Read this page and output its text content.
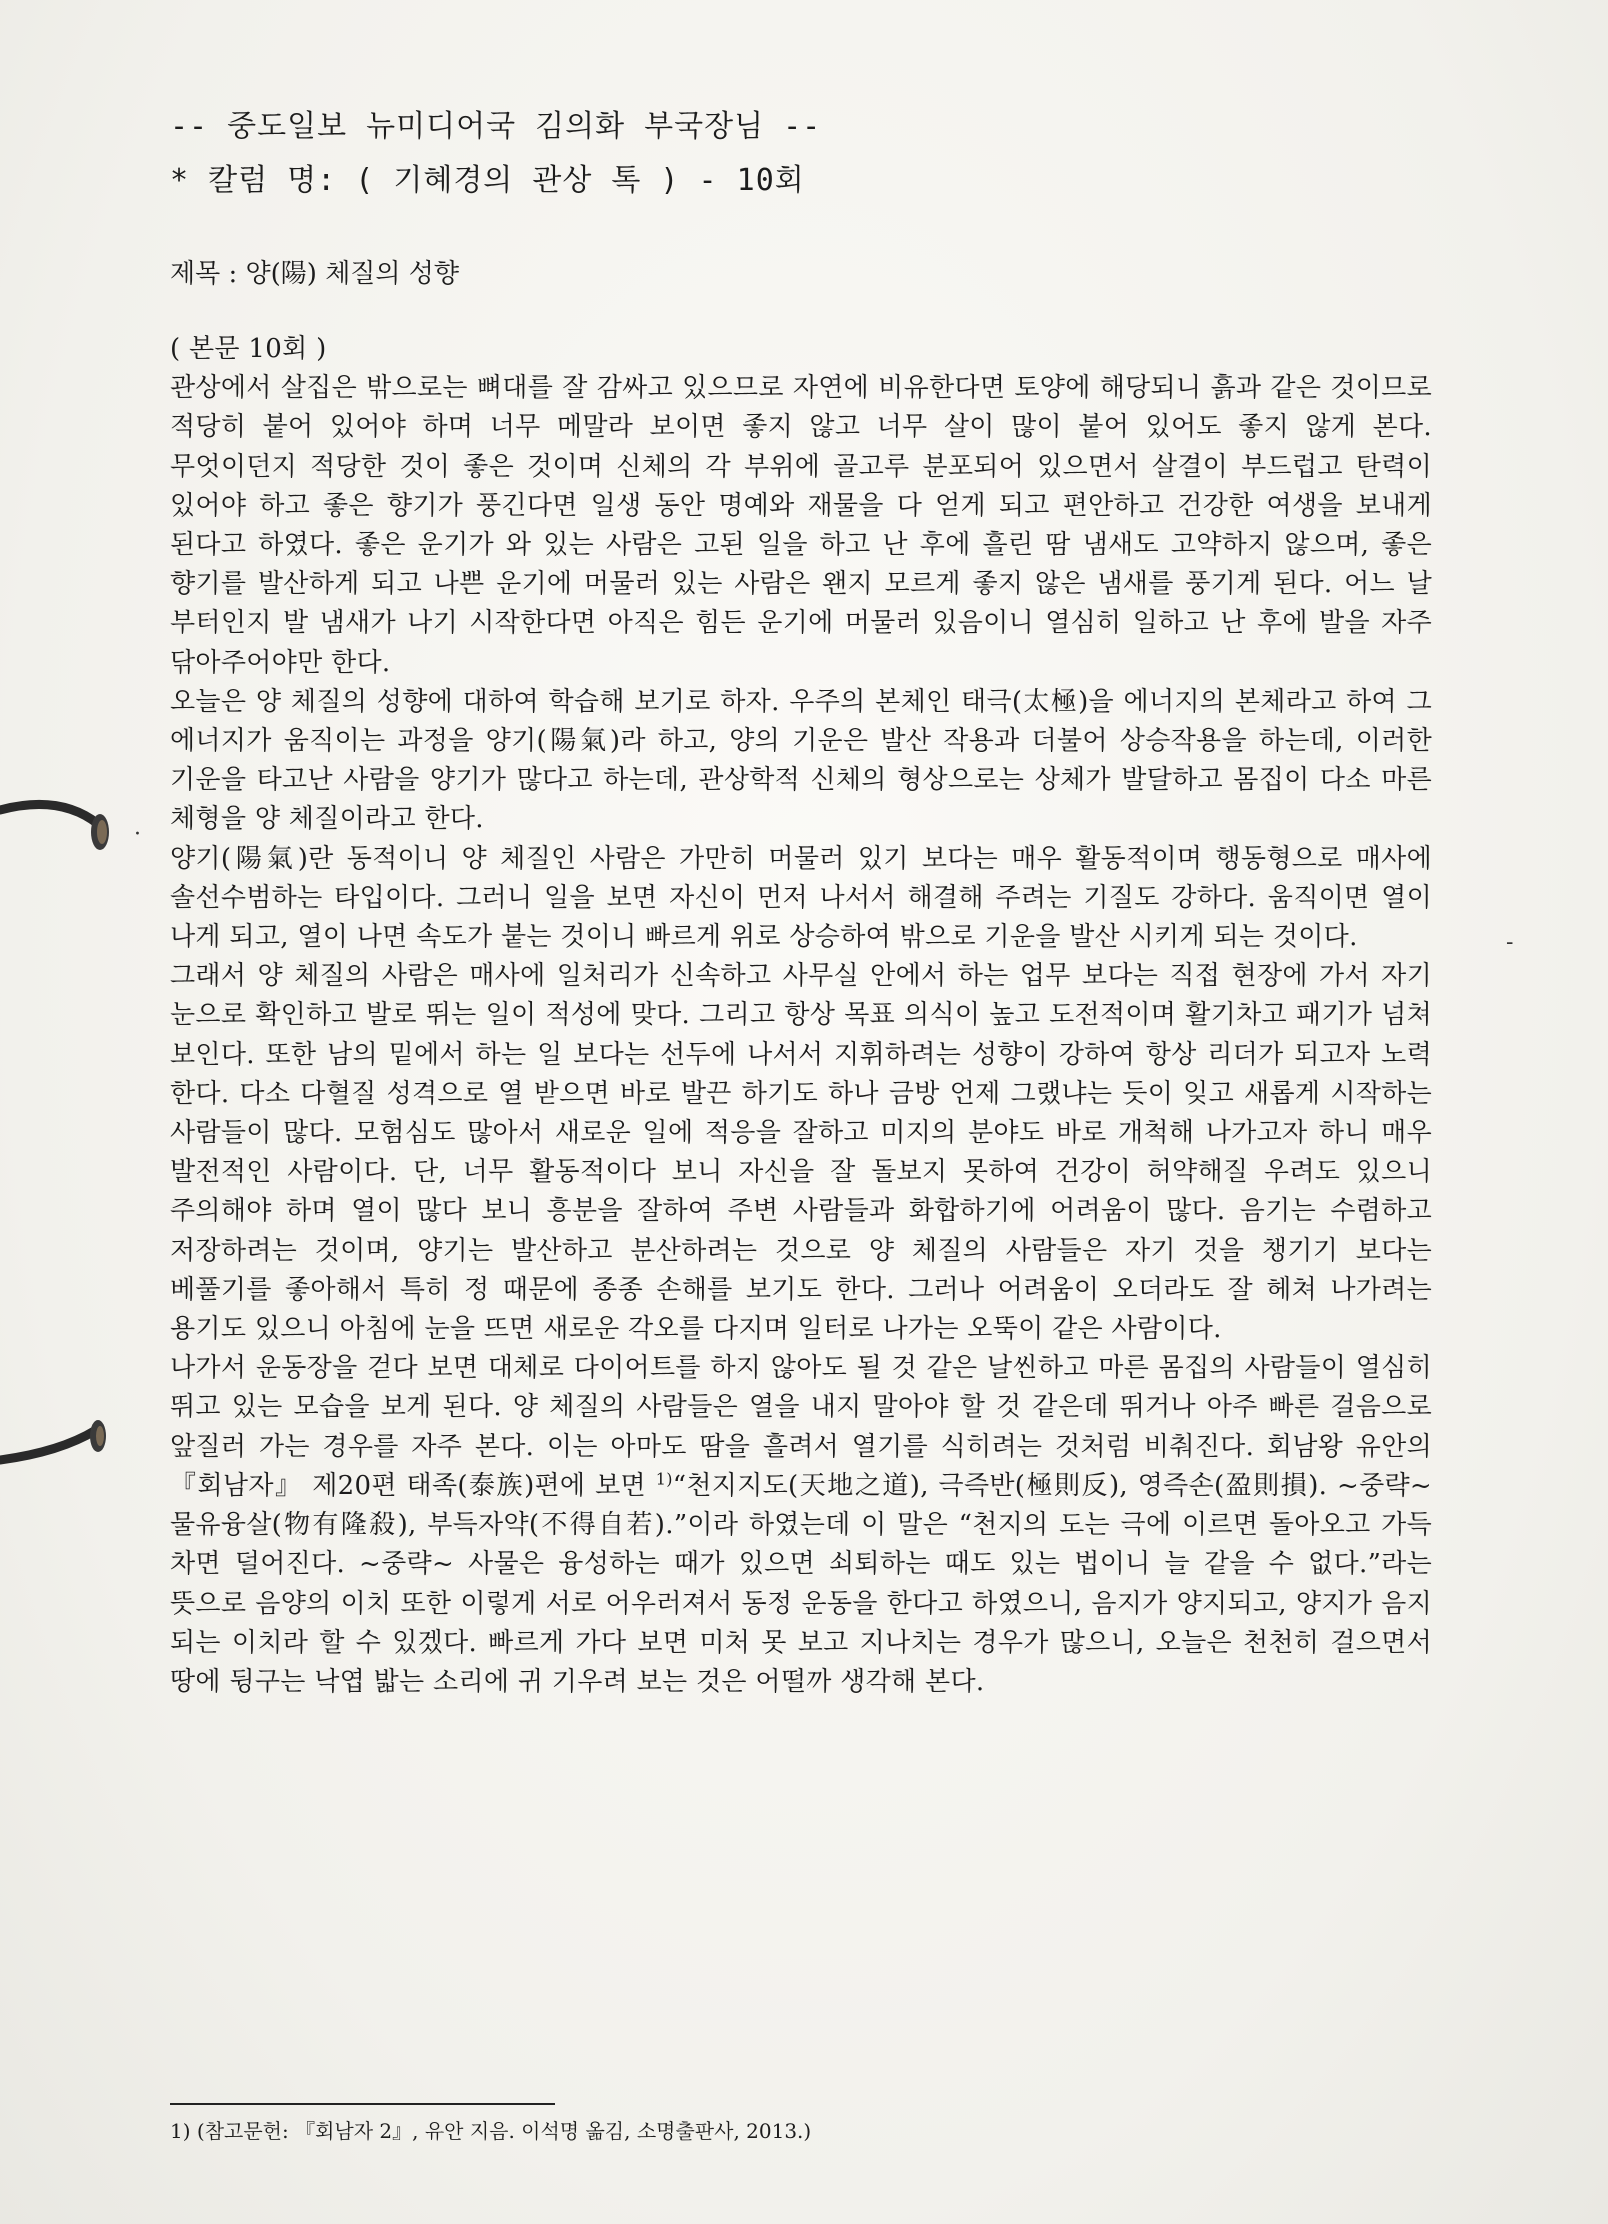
·
‐
-- 중도일보 뉴미디어국 김의화 부국장님 --
* 칼럼 명: ( 기혜경의 관상 톡 ) - 10회
제목 : 양(陽) 체질의 성향

( 본문 10회 )

관상에서 살집은 밖으로는 뼈대를 잘 감싸고 있으므로 자연에 비유한다면 토양에 해당되니 흙과 같은 것이므로 적당히 붙어 있어야 하며 너무 메말라 보이면 좋지 않고 너무 살이 많이 붙어 있어도 좋지 않게 본다. 무엇이던지 적당한 것이 좋은 것이며 신체의 각 부위에 골고루 분포되어 있으면서 살결이 부드럽고 탄력이 있어야 하고 좋은 향기가 풍긴다면 일생 동안 명예와 재물을 다 얻게 되고 편안하고 건강한 여생을 보내게 된다고 하였다. 좋은 운기가 와 있는 사람은 고된 일을 하고 난 후에 흘린 땀 냄새도 고약하지 않으며, 좋은 향기를 발산하게 되고 나쁜 운기에 머물러 있는 사람은 왠지 모르게 좋지 않은 냄새를 풍기게 된다. 어느 날 부터인지 발 냄새가 나기 시작한다면 아직은 힘든 운기에 머물러 있음이니 열심히 일하고 난 후에 발을 자주 닦아주어야만 한다.

오늘은 양 체질의 성향에 대하여 학습해 보기로 하자. 우주의 본체인 태극(太極)을 에너지의 본체라고 하여 그 에너지가 움직이는 과정을 양기(陽氣)라 하고, 양의 기운은 발산 작용과 더불어 상승작용을 하는데, 이러한 기운을 타고난 사람을 양기가 많다고 하는데, 관상학적 신체의 형상으로는 상체가 발달하고 몸집이 다소 마른 체형을 양 체질이라고 한다.

양기(陽氣)란 동적이니 양 체질인 사람은 가만히 머물러 있기 보다는 매우 활동적이며 행동형으로 매사에 솔선수범하는 타입이다. 그러니 일을 보면 자신이 먼저 나서서 해결해 주려는 기질도 강하다. 움직이면 열이 나게 되고, 열이 나면 속도가 붙는 것이니 빠르게 위로 상승하여 밖으로 기운을 발산 시키게 되는 것이다.

그래서 양 체질의 사람은 매사에 일처리가 신속하고 사무실 안에서 하는 업무 보다는 직접 현장에 가서 자기 눈으로 확인하고 발로 뛰는 일이 적성에 맞다. 그리고 항상 목표 의식이 높고 도전적이며 활기차고 패기가 넘쳐 보인다. 또한 남의 밑에서 하는 일 보다는 선두에 나서서 지휘하려는 성향이 강하여 항상 리더가 되고자 노력 한다. 다소 다혈질 성격으로 열 받으면 바로 발끈 하기도 하나 금방 언제 그랬냐는 듯이 잊고 새롭게 시작하는 사람들이 많다. 모험심도 많아서 새로운 일에 적응을 잘하고 미지의 분야도 바로 개척해 나가고자 하니 매우 발전적인 사람이다. 단, 너무 활동적이다 보니 자신을 잘 돌보지 못하여 건강이 허약해질 우려도 있으니 주의해야 하며 열이 많다 보니 흥분을 잘하여 주변 사람들과 화합하기에 어려움이 많다. 음기는 수렴하고 저장하려는 것이며, 양기는 발산하고 분산하려는 것으로 양 체질의 사람들은 자기 것을 챙기기 보다는 베풀기를 좋아해서 특히 정 때문에 종종 손해를 보기도 한다. 그러나 어려움이 오더라도 잘 헤쳐 나가려는 용기도 있으니 아침에 눈을 뜨면 새로운 각오를 다지며 일터로 나가는 오뚝이 같은 사람이다.

나가서 운동장을 걷다 보면 대체로 다이어트를 하지 않아도 될 것 같은 날씬하고 마른 몸집의 사람들이 열심히 뛰고 있는 모습을 보게 된다. 양 체질의 사람들은 열을 내지 말아야 할 것 같은데 뛰거나 아주 빠른 걸음으로 앞질러 가는 경우를 자주 본다. 이는 아마도 땀을 흘려서 열기를 식히려는 것처럼 비춰진다. 회남왕 유안의 『회남자』 제20편 태족(泰族)편에 보면 $^{1)}$“천지지도(天地之道), 극즉반(極則反), 영즉손(盈則損). ~중략~ 물유융살(物有隆殺), 부득자약(不得自若).”이라 하였는데 이 말은 “천지의 도는 극에 이르면 돌아오고 가득 차면 덜어진다. ~중략~ 사물은 융성하는 때가 있으면 쇠퇴하는 때도 있는 법이니 늘 같을 수 없다.”라는 뜻으로 음양의 이치 또한 이렇게 서로 어우러져서 동정 운동을 한다고 하였으니, 음지가 양지되고, 양지가 음지 되는 이치라 할 수 있겠다. 빠르게 가다 보면 미처 못 보고 지나치는 경우가 많으니, 오늘은 천천히 걸으면서 땅에 뒹구는 낙엽 밟는 소리에 귀 기우려 보는 것은 어떨까 생각해 본다.

1) (참고문헌: 『회남자 2』, 유안 지음. 이석명 옮김, 소명출판사, 2013.)
